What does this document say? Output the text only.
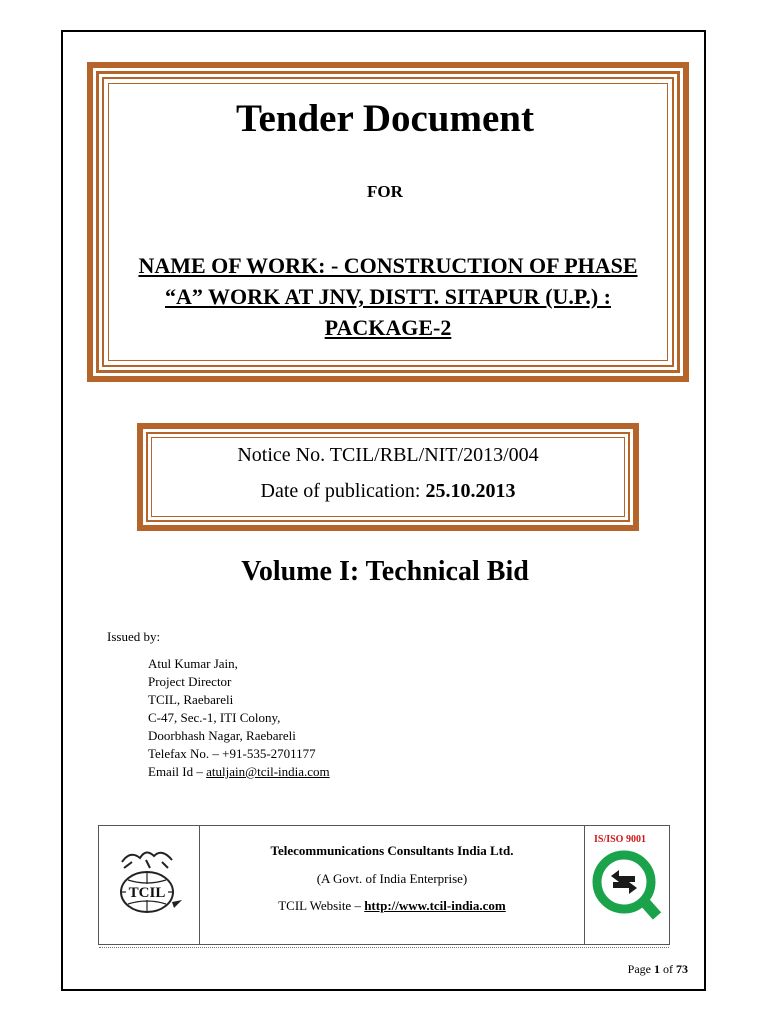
Tender Document
FOR
NAME OF WORK: - CONSTRUCTION OF PHASE
“A” WORK AT JNV, DISTT. SITAPUR (U.P.) :
PACKAGE-2
Notice No. TCIL/RBL/NIT/2013/004
Date of publication: 25.10.2013
Volume I: Technical Bid
Issued by:
Atul Kumar Jain,
Project Director
TCIL, Raebareli
C-47, Sec.-1, ITI Colony,
Doorbhash Nagar, Raebareli
Telefax No. – +91-535-2701177
Email Id – atuljain@tcil-india.com
TCIL
Telecommunications Consultants India Ltd.
(A Govt. of India Enterprise)
TCIL Website – http://www.tcil-india.com
IS/ISO 9001
Page 1 of 73
